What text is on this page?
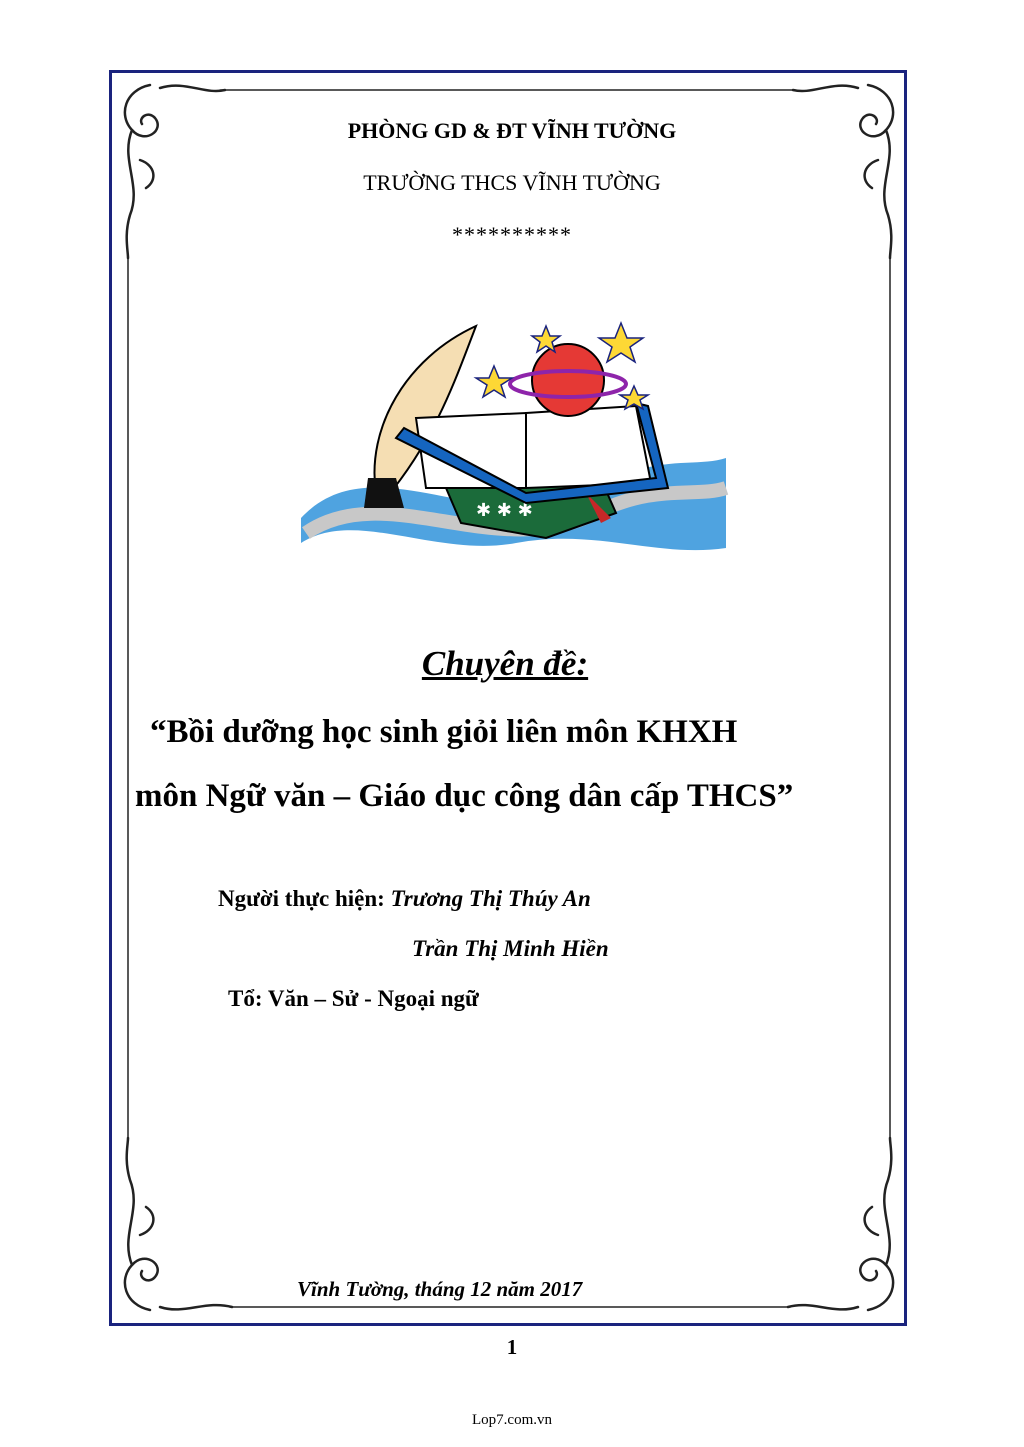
PHÒNG GD & ĐT VĨNH TƯỜNG
TRƯỜNG THCS VĨNH TƯỜNG
**********
✱ ✱ ✱
Chuyên đề:
“Bồi dưỡng học sinh giỏi liên môn KHXH
môn Ngữ văn – Giáo dục công dân cấp THCS”
Người thực hiện: Trương Thị Thúy An
Trần Thị Minh Hiền
Tổ: Văn – Sử - Ngoại ngữ
Vĩnh Tường, tháng 12 năm 2017
1
Lop7.com.vn
